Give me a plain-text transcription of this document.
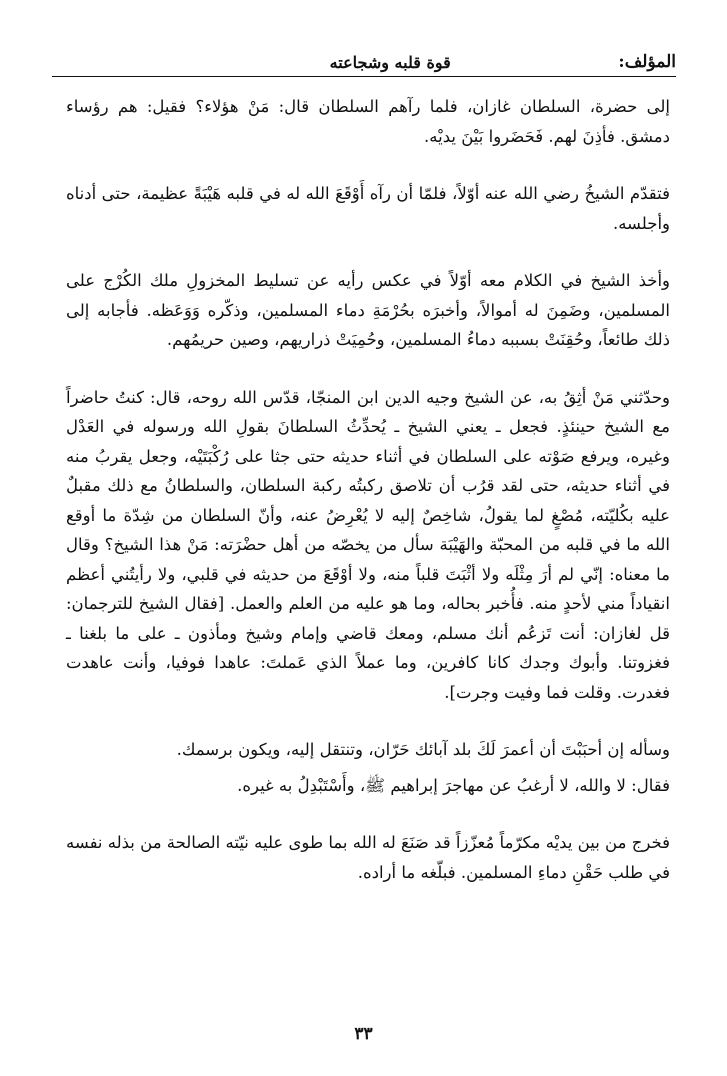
المؤلف:
قوة قلبه وشجاعته

إلى حضرة، السلطان غازان، فلما رآهم السلطان قال: مَنْ هؤلاء؟ فقيل: هم رؤساء دمشق. فأذِنَ لهم. فَحَضَروا بَيْنَ يديْه.

فتقدّم الشيخُ رضي الله عنه أوّلاً، فلمّا أن رآه أَوْقَعَ الله له في قلبه هَيْبَةً عظيمة، حتى أدناه وأجلسه.

وأخذ الشيخ في الكلام معه أوّلاً في عكس رأيه عن تسليط المخزولِ ملك الكُرْج على المسلمين، وضَمِنَ له أموالاً، وأخبرَه بحُرْمَةِ دماء المسلمين، وذكّره وَوَعَظه. فأجابه إلى ذلك طائعاً، وحُقِنَتْ بسببه دماءُ المسلمين، وحُمِيَتْ ذراريهم، وصين حريمُهم.

وحدّثني مَنْ أثِقُ به، عن الشيخ وجيه الدين ابن المنجّا، قدّس الله روحه، قال: كنتُ حاضراً مع الشيخ حينئذٍ. فجعل ـ يعني الشيخ ـ يُحدِّثُ السلطانَ بقولِ الله ورسوله في العَدْل وغيره، ويرفع صَوْته على السلطان في أثناء حديثه حتى جثا على رُكْبَتَيْه، وجعل يقربُ منه في أثناء حديثه، حتى لقد قرُب أن تلاصق ركبتُه ركبة السلطان، والسلطانُ مع ذلك مقبلٌ عليه بكُليّته، مُصْغٍ لما يقولُ، شاخِصٌ إليه لا يُعْرِضُ عنه، وأنّ السلطان من شِدّة ما أوقع الله ما في قلبه من المحبّة والهَيْبَة سأل من يخصّه من أهل حضْرَته: مَنْ هذا الشيخ؟ وقال ما معناه: إنّي لم أرَ مِثْلَه ولا أثْبَتَ قلباً منه، ولا أوْقَعَ من حديثه في قلبي، ولا رأيتُني أعظم انقياداً مني لأحدٍ منه. فأُخبر بحاله، وما هو عليه من العلم والعمل. [فقال الشيخ للترجمان: قل لغازان: أنت تَزعُم أنك مسلم، ومعك قاضي وإمام وشيخ ومأذون ـ على ما بلغنا ـ فغزوتنا. وأبوك وجدك كانا كافرين، وما عملاً الذي عَملتَ: عاهدا فوفيا، وأنت عاهدت فغدرت. وقلت فما وفيت وجرت].

وسأله إن أحبَبْتَ أن أعمرَ لَكَ بلد آبائك حَرّان، وتنتقل إليه، ويكون برسمك.

فقال: لا والله، لا أرغبُ عن مهاجرَ إبراهيم ﷺ، وأَسْتَبْدِلُ به غيره.

فخرج من بين يديْه مكرّماً مُعزّزاً قد صَنَعَ له الله بما طوى عليه نيّته الصالحة من بذله نفسه في طلب حَقْنِ دماءِ المسلمين. فبلّغه ما أراده.

٣٣
